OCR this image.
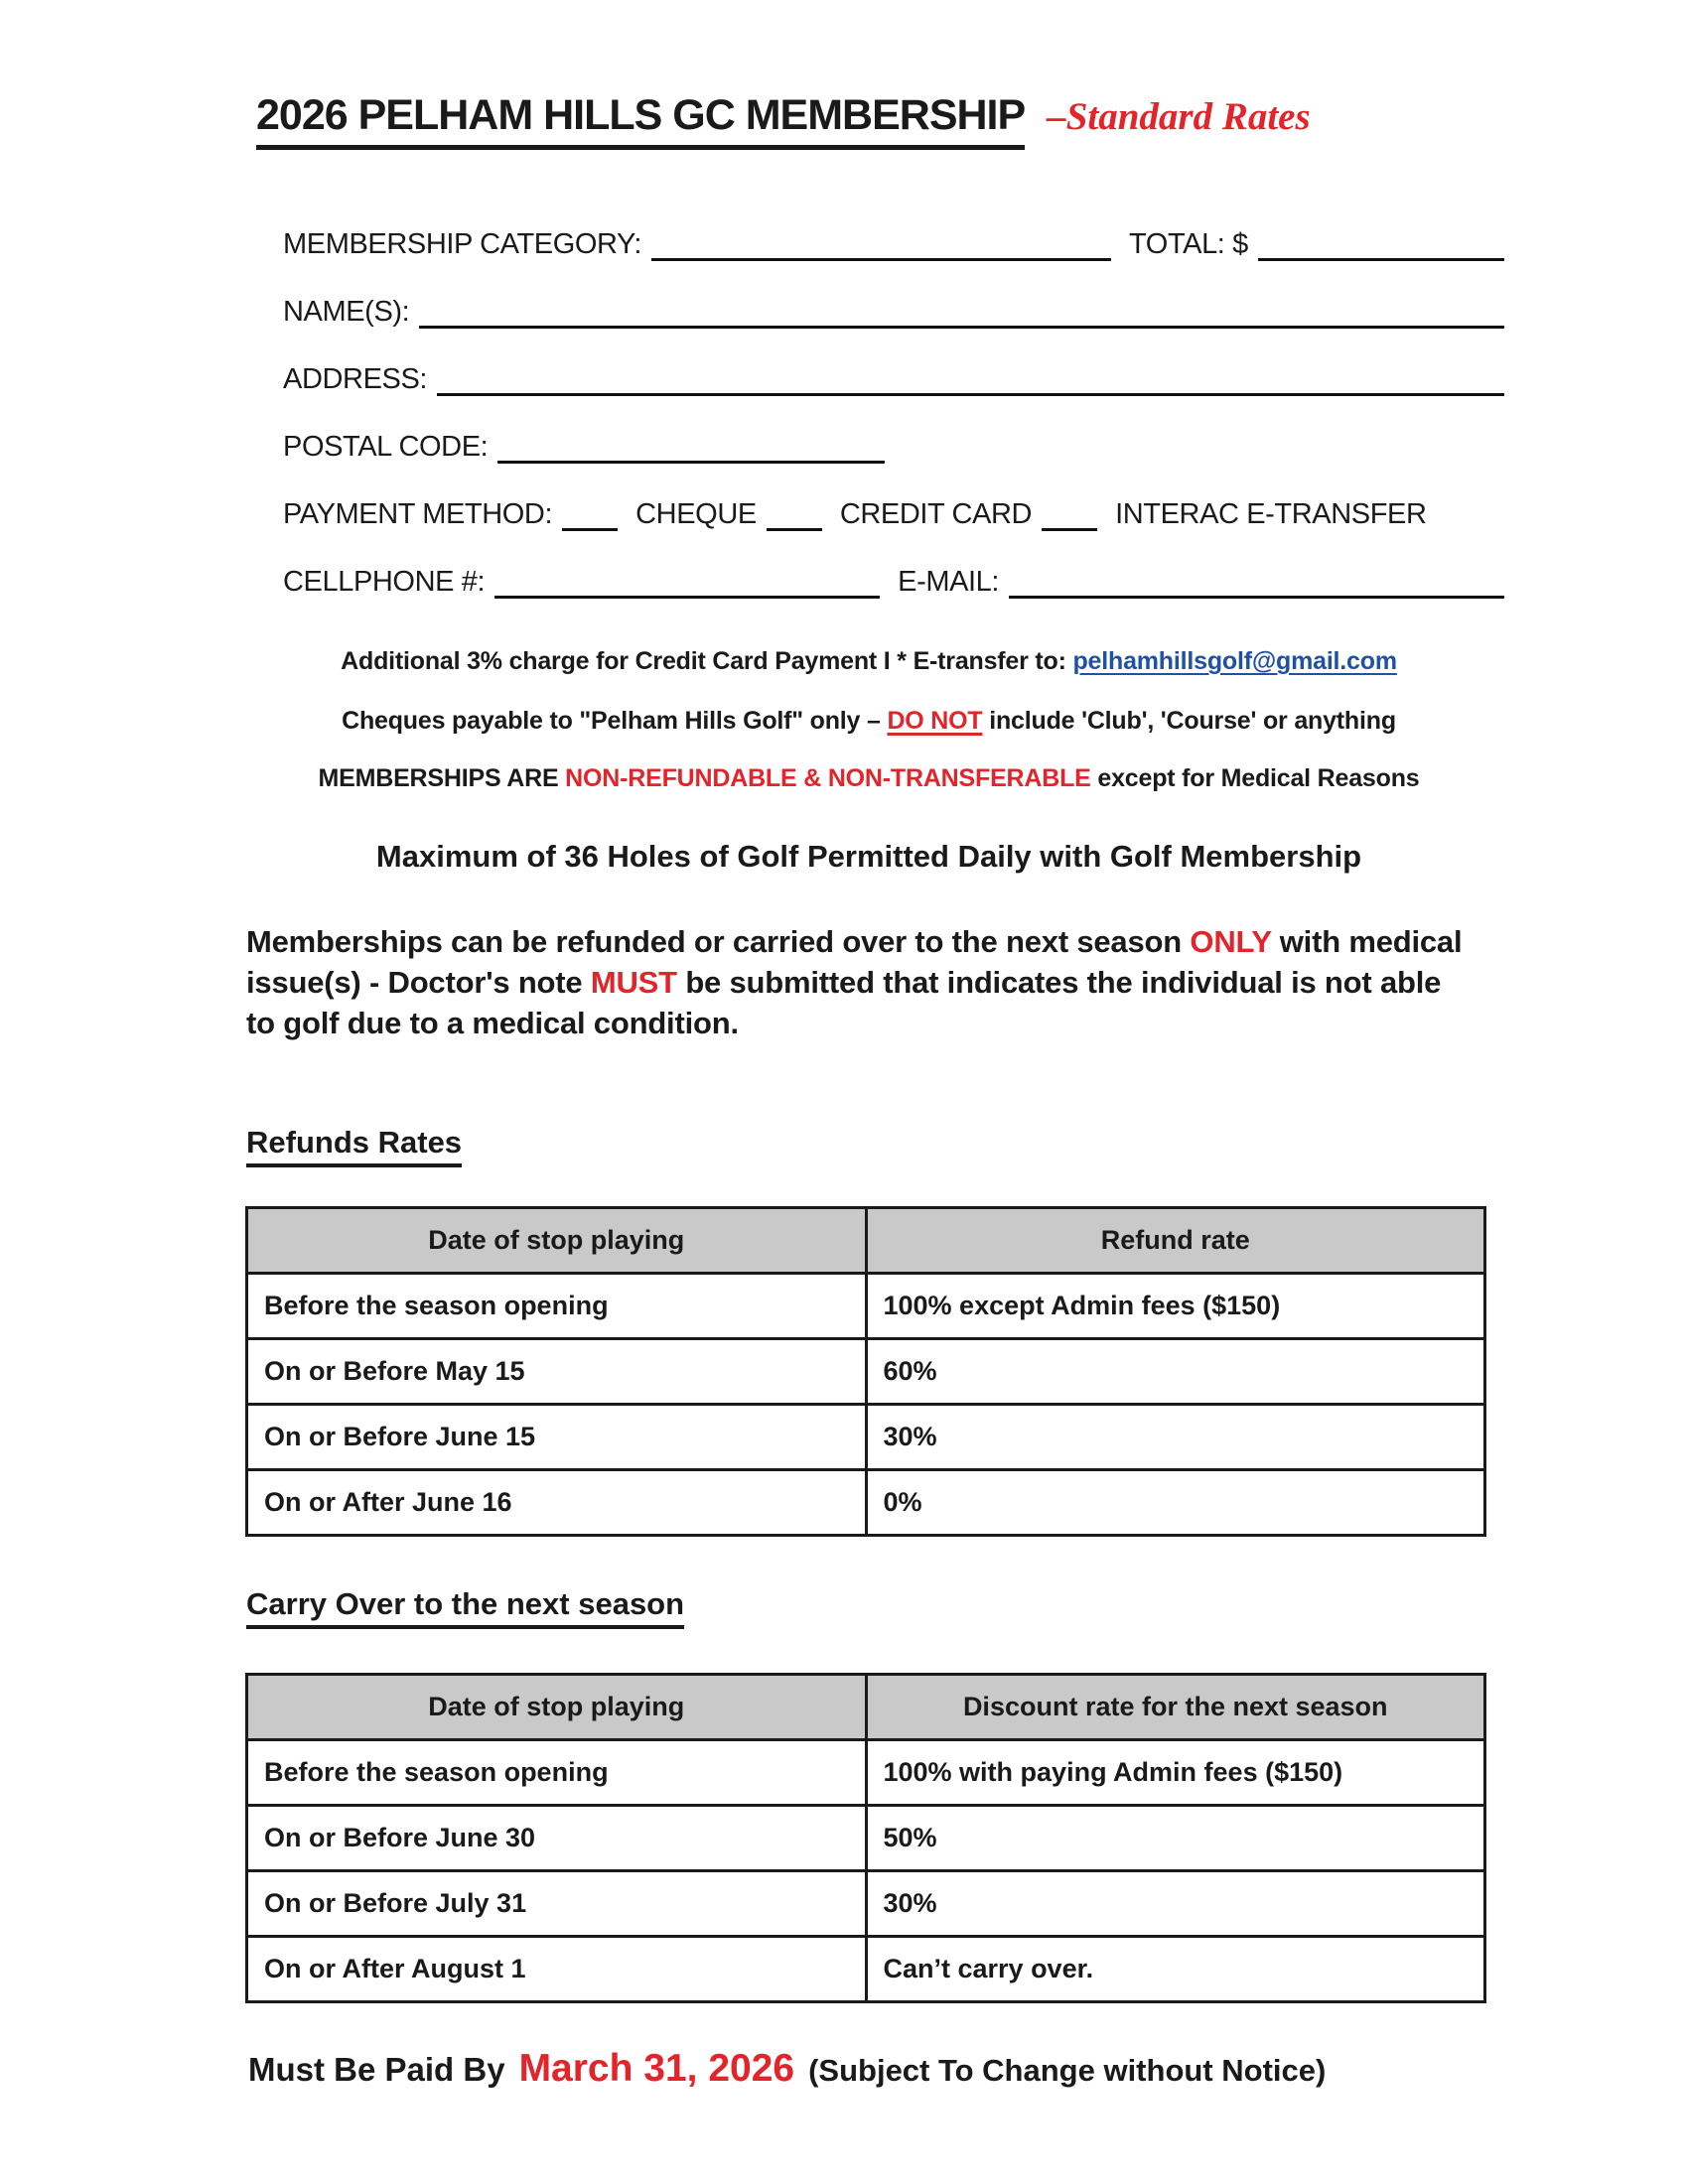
2026 PELHAM HILLS GC MEMBERSHIP –Standard Rates
MEMBERSHIP CATEGORY:	TOTAL: $
NAME(S):
ADDRESS:
POSTAL CODE:
PAYMENT METHOD:	CHEQUE	CREDIT CARD	INTERAC E-TRANSFER
CELLPHONE #:	E-MAIL:
Additional 3% charge for Credit Card Payment I * E-transfer to: pelhamhillsgolf@gmail.com
Cheques payable to "Pelham Hills Golf" only – DO NOT include 'Club', 'Course' or anything
MEMBERSHIPS ARE NON-REFUNDABLE & NON-TRANSFERABLE except for Medical Reasons
Maximum of 36 Holes of Golf Permitted Daily with Golf Membership
Memberships can be refunded or carried over to the next season ONLY with medical issue(s) - Doctor's note MUST be submitted that indicates the individual is not able to golf due to a medical condition.
Refunds Rates
Date of stop playing	Refund rate
Before the season opening	100% except Admin fees ($150)
On or Before May 15	60%
On or Before June 15	30%
On or After June 16	0%
Carry Over to the next season
Date of stop playing	Discount rate for the next season
Before the season opening	100% with paying Admin fees ($150)
On or Before June 30	50%
On or Before July 31	30%
On or After August 1	Can’t carry over.
Must Be Paid By March 31, 2026 (Subject To Change without Notice)
